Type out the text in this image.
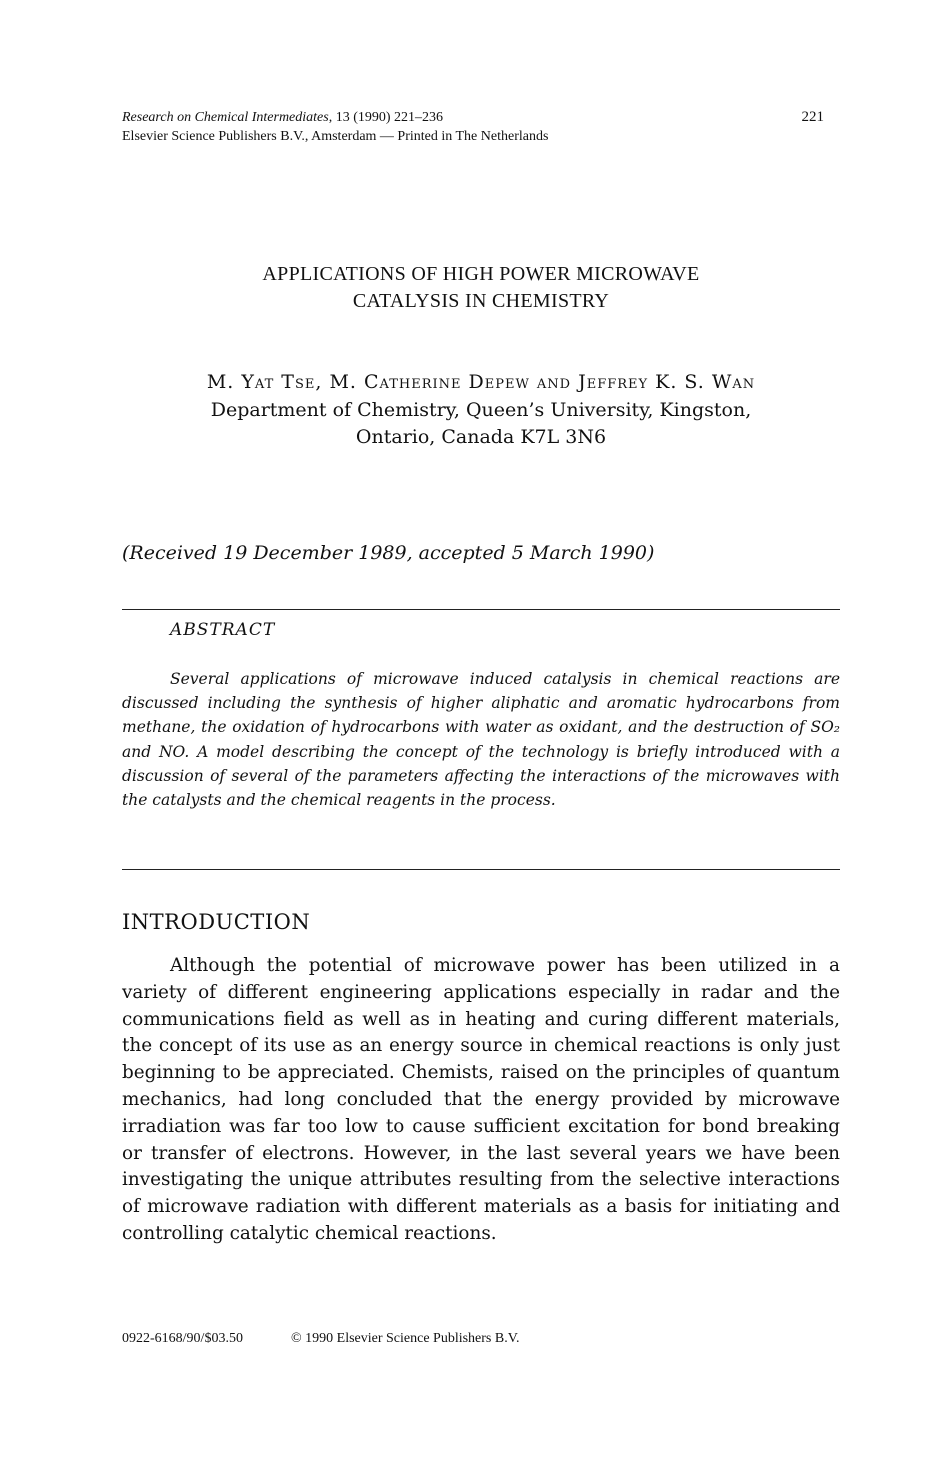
Research on Chemical Intermediates, 13 (1990) 221–236
Elsevier Science Publishers B.V., Amsterdam — Printed in The Netherlands
221
APPLICATIONS OF HIGH POWER MICROWAVE
CATALYSIS IN CHEMISTRY
M. Yat Tse, M. Catherine Depew and Jeffrey K. S. Wan
Department of Chemistry, Queen’s University, Kingston,
Ontario, Canada K7L 3N6
(Received 19 December 1989, accepted 5 March 1990)
ABSTRACT
Several applications of microwave induced catalysis in chemical reactions are discussed including the synthesis of higher aliphatic and aromatic hydrocarbons from methane, the oxidation of hydrocarbons with water as oxidant, and the destruction of SO₂ and NO. A model describing the concept of the technology is briefly introduced with a discussion of several of the parameters affecting the interactions of the microwaves with the catalysts and the chemical reagents in the process.
INTRODUCTION
Although the potential of microwave power has been utilized in a variety of different engineering applications especially in radar and the communications field as well as in heating and curing different materials, the concept of its use as an energy source in chemical reactions is only just beginning to be appreciated. Chemists, raised on the principles of quantum mechanics, had long concluded that the energy provided by microwave irradiation was far too low to cause sufficient excitation for bond breaking or transfer of electrons. However, in the last several years we have been investigating the unique attributes resulting from the selective interactions of microwave radiation with different materials as a basis for initiating and controlling catalytic chemical reactions.
0922-6168/90/$03.50	© 1990 Elsevier Science Publishers B.V.
